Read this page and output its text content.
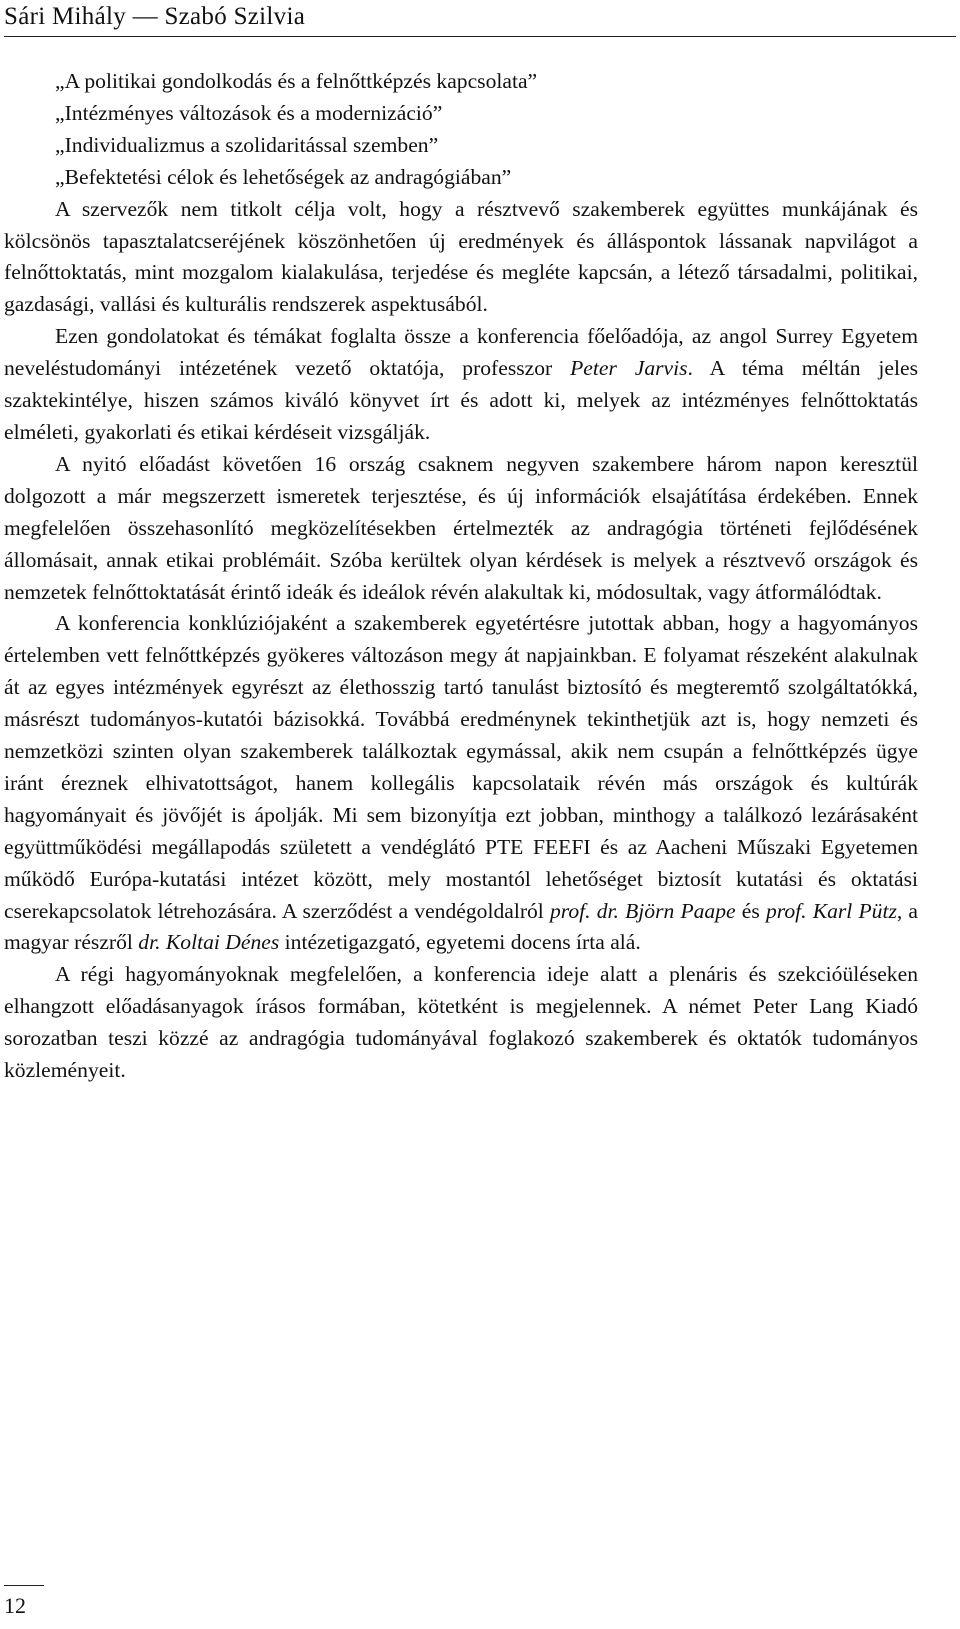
Sári Mihály — Szabó Szilvia
„A politikai gondolkodás és a felnőttképzés kapcsolata”
„Intézményes változások és a modernizáció”
„Individualizmus a szolidaritással szemben”
„Befektetési célok és lehetőségek az andragógiában”

A szervezők nem titkolt célja volt, hogy a résztvevő szakemberek együttes munkájának és kölcsönös tapasztalatcseréjének köszönhetően új eredmények és álláspontok lássanak napvilágot a felnőttoktatás, mint mozgalom kialakulása, terjedése és megléte kapcsán, a létező társadalmi, politikai, gazdasági, vallási és kulturális rendszerek aspektusából.

Ezen gondolatokat és témákat foglalta össze a konferencia főelőadója, az angol Surrey Egyetem neveléstudományi intézetének vezető oktatója, professzor Peter Jarvis. A téma méltán jeles szaktekintélye, hiszen számos kiváló könyvet írt és adott ki, melyek az intézményes felnőttoktatás elméleti, gyakorlati és etikai kérdéseit vizsgálják.

A nyitó előadást követően 16 ország csaknem negyven szakembere három napon keresztül dolgozott a már megszerzett ismeretek terjesztése, és új információk elsajátítása érdekében. Ennek megfelelően összehasonlító megközelítésekben értelmezték az andragógia történeti fejlődésének állomásait, annak etikai problémáit. Szóba kerültek olyan kérdések is melyek a résztvevő országok és nemzetek felnőttoktatását érintő ideák és ideálok révén alakultak ki, módosultak, vagy átformálódtak.

A konferencia konklúziójaként a szakemberek egyetértésre jutottak abban, hogy a hagyományos értelemben vett felnőttképzés gyökeres változáson megy át napjainkban. E folyamat részeként alakulnak át az egyes intézmények egyrészt az élethosszig tartó tanulást biztosító és megteremtő szolgáltatókká, másrészt tudományos-kutatói bázisokká. Továbbá eredménynek tekinthetjük azt is, hogy nemzeti és nemzetközi szinten olyan szakemberek találkoztak egymással, akik nem csupán a felnőttképzés ügye iránt éreznek elhivatottságot, hanem kollegális kapcsolataik révén más országok és kultúrák hagyományait és jövőjét is ápolják. Mi sem bizonyítja ezt jobban, minthogy a találkozó lezárásaként együttműködési megállapodás született a vendéglátó PTE FEEFI és az Aacheni Műszaki Egyetemen működő Európa-kutatási intézet között, mely mostantól lehetőséget biztosít kutatási és oktatási cserekapcsolatok létrehozására. A szerződést a vendégoldalról prof. dr. Björn Paape és prof. Karl Pütz, a magyar részről dr. Koltai Dénes intézetigazgató, egyetemi docens írta alá.

A régi hagyományoknak megfelelően, a konferencia ideje alatt a plenáris és szekcióüléseken elhangzott előadásanyagok írásos formában, kötetként is megjelennek. A német Peter Lang Kiadó sorozatban teszi közzé az andragógia tudományával foglakozó szakemberek és oktatók tudományos közleményeit.

12
